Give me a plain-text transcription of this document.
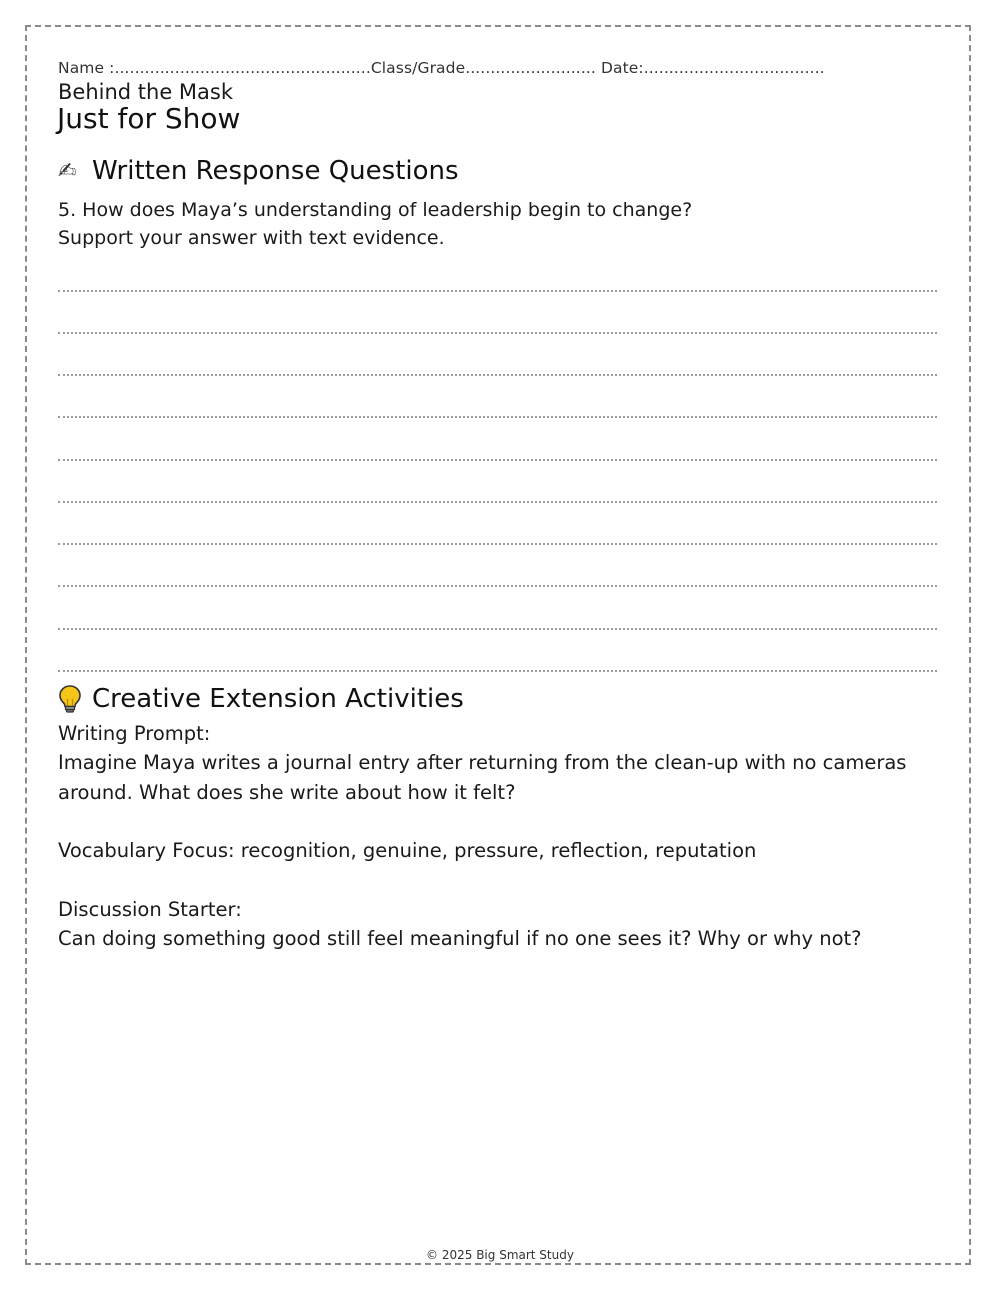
Name :...................................................Class/Grade.......................... Date:....................................
Behind the Mask
Just for Show
✍ Written Response Questions
5. How does Maya’s understanding of leadership begin to change?
Support your answer with text evidence.
Creative Extension Activities
Writing Prompt:
Imagine Maya writes a journal entry after returning from the clean-up with no cameras around. What does she write about how it felt?
Vocabulary Focus: recognition, genuine, pressure, reflection, reputation
Discussion Starter:
Can doing something good still feel meaningful if no one sees it? Why or why not?
© 2025 Big Smart Study
